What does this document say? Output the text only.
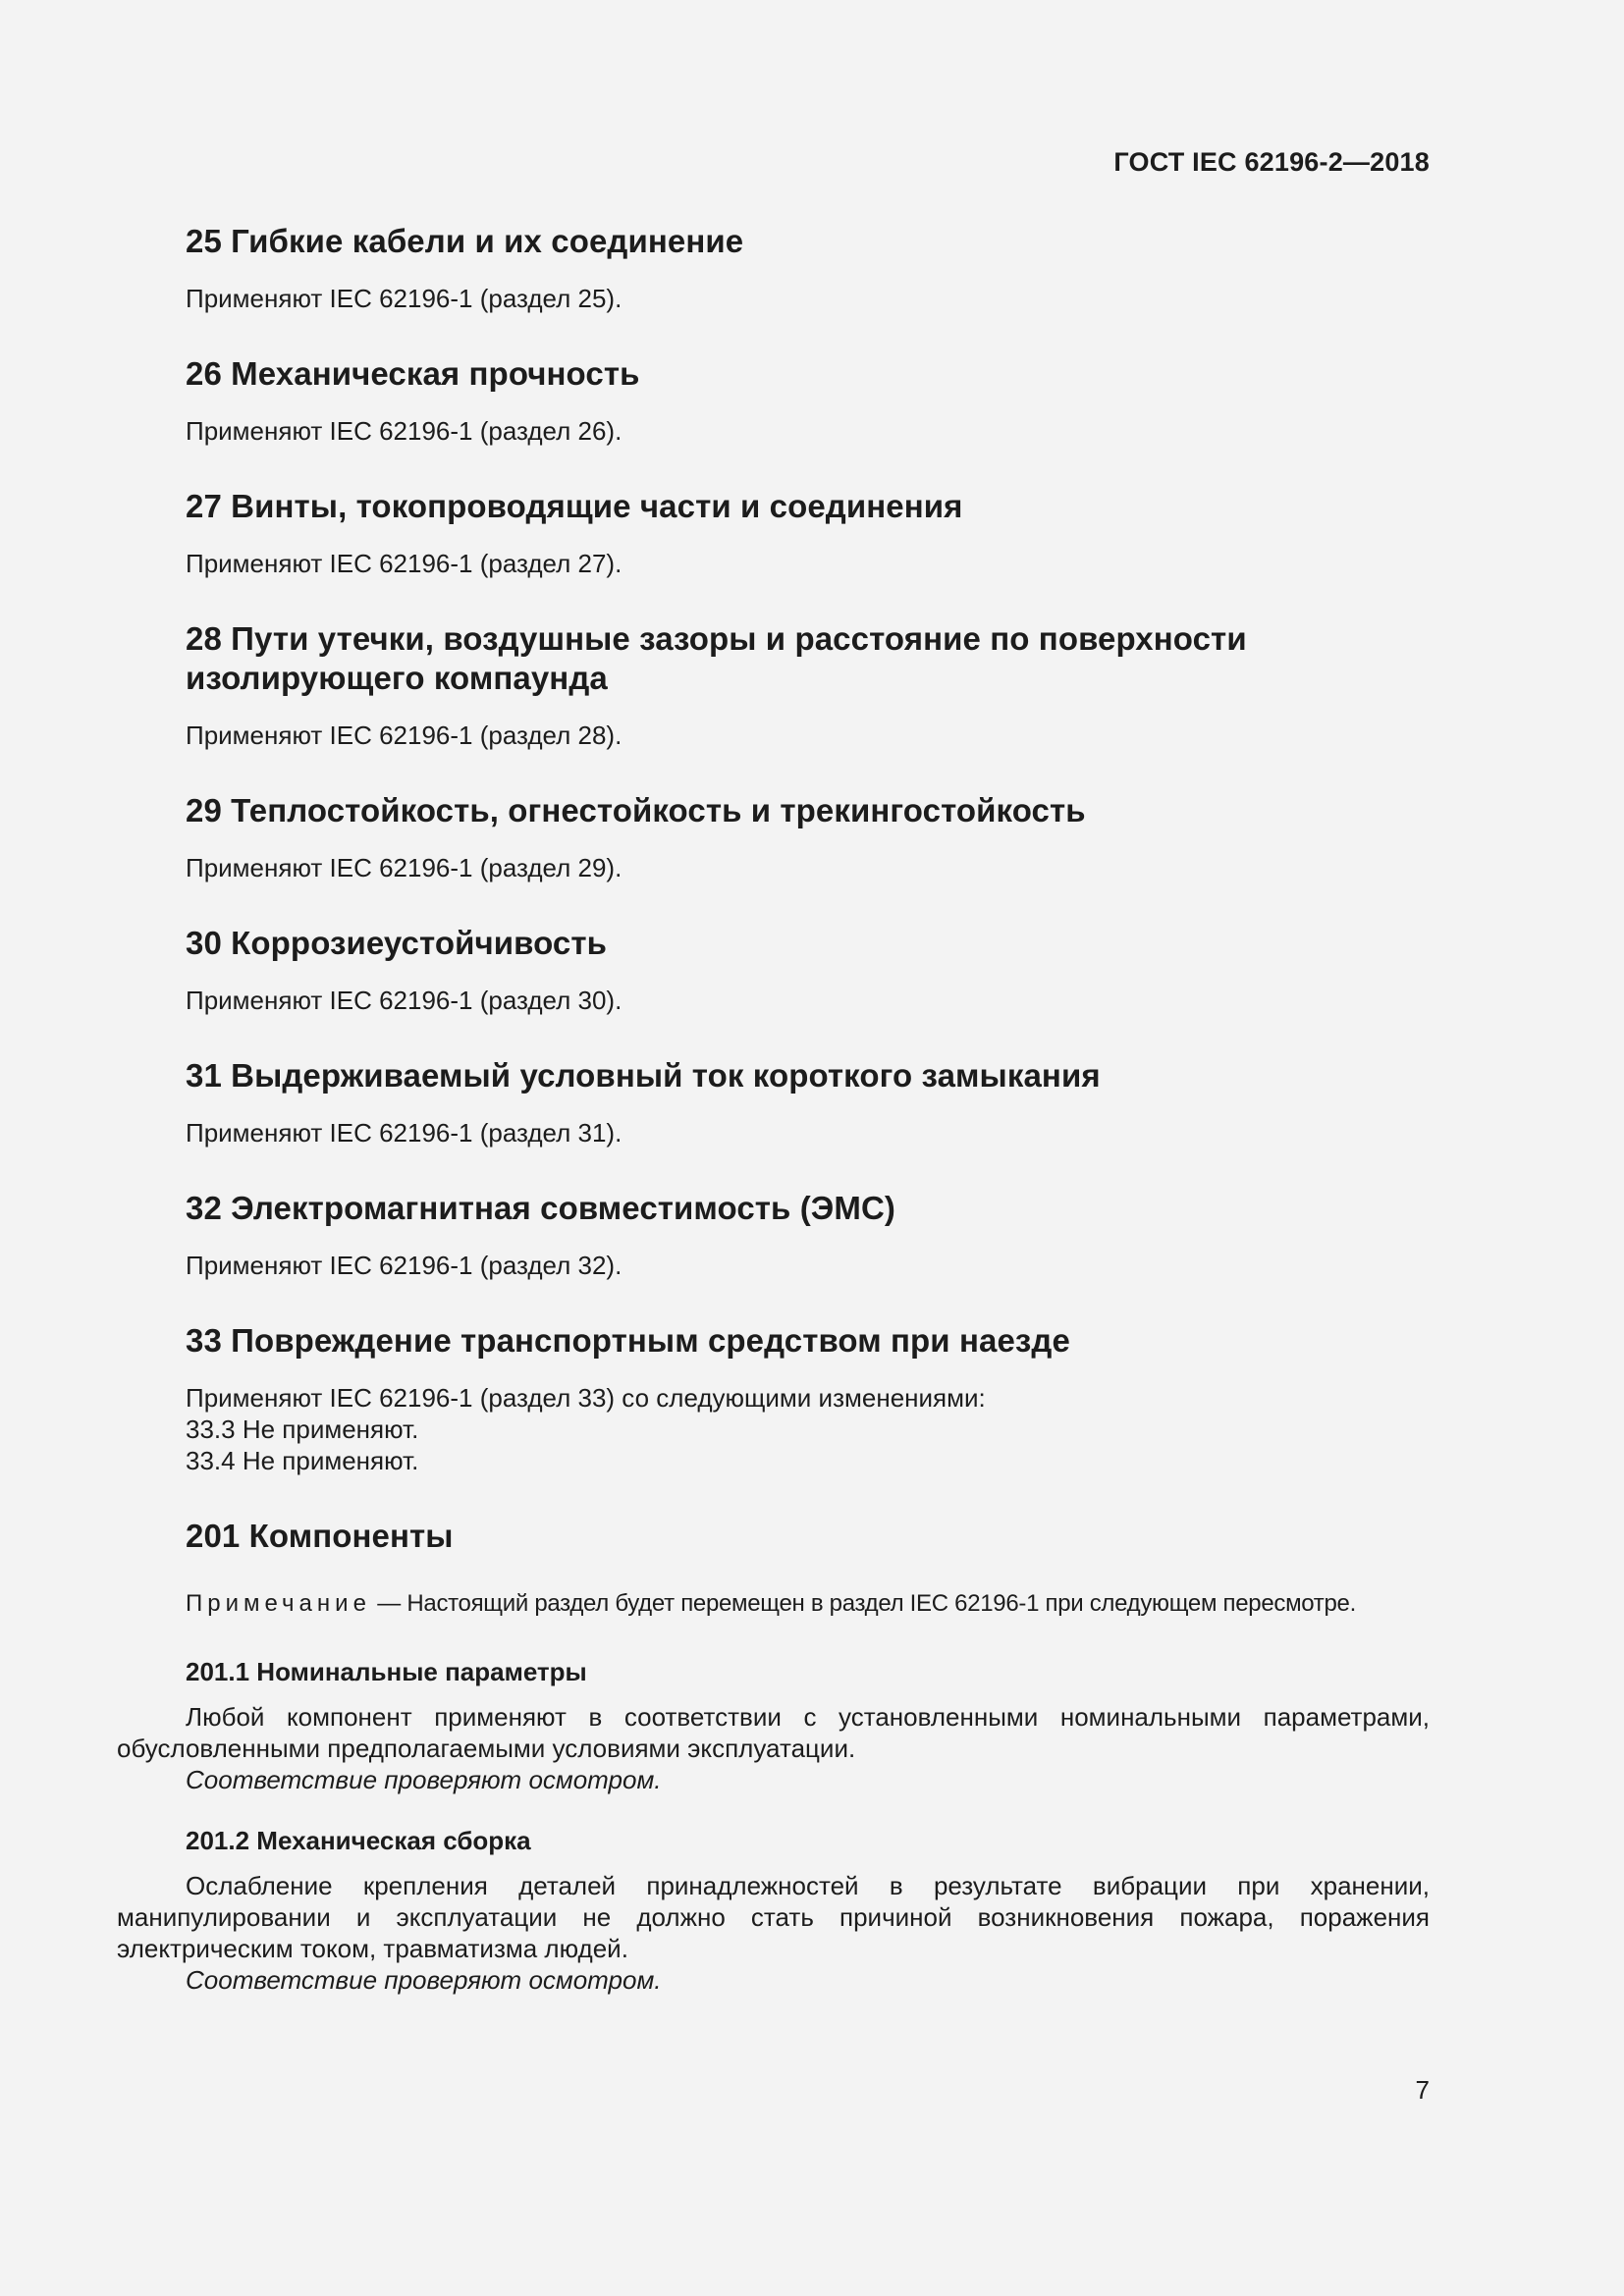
ГОСТ IEC 62196-2—2018
25 Гибкие кабели и их соединение

Применяют IEC 62196-1 (раздел 25).

26 Механическая прочность

Применяют IEC 62196-1 (раздел 26).

27 Винты, токопроводящие части и соединения

Применяют IEC 62196-1 (раздел 27).

28 Пути утечки, воздушные зазоры и расстояние по поверхности
изолирующего компаунда

Применяют IEC 62196-1 (раздел 28).

29 Теплостойкость, огнестойкость и трекингостойкость

Применяют IEC 62196-1 (раздел 29).

30 Коррозиеустойчивость

Применяют IEC 62196-1 (раздел 30).

31 Выдерживаемый условный ток короткого замыкания

Применяют IEC 62196-1 (раздел 31).

32 Электромагнитная совместимость (ЭМС)

Применяют IEC 62196-1 (раздел 32).

33 Повреждение транспортным средством при наезде

Применяют IEC 62196-1 (раздел 33) со следующими изменениями:

33.3 Не применяют.

33.4 Не применяют.

201 Компоненты
Примечание — Настоящий раздел будет перемещен в раздел IEC 62196-1 при следующем пересмотре.
201.1 Номинальные параметры

Любой компонент применяют в соответствии с установленными номинальными параметрами, обусловленными предполагаемыми условиями эксплуатации.

Соответствие проверяют осмотром.

201.2 Механическая сборка

Ослабление крепления деталей принадлежностей в результате вибрации при хранении, манипулировании и эксплуатации не должно стать причиной возникновения пожара, поражения электрическим током, травматизма людей.

Соответствие проверяют осмотром.

7
